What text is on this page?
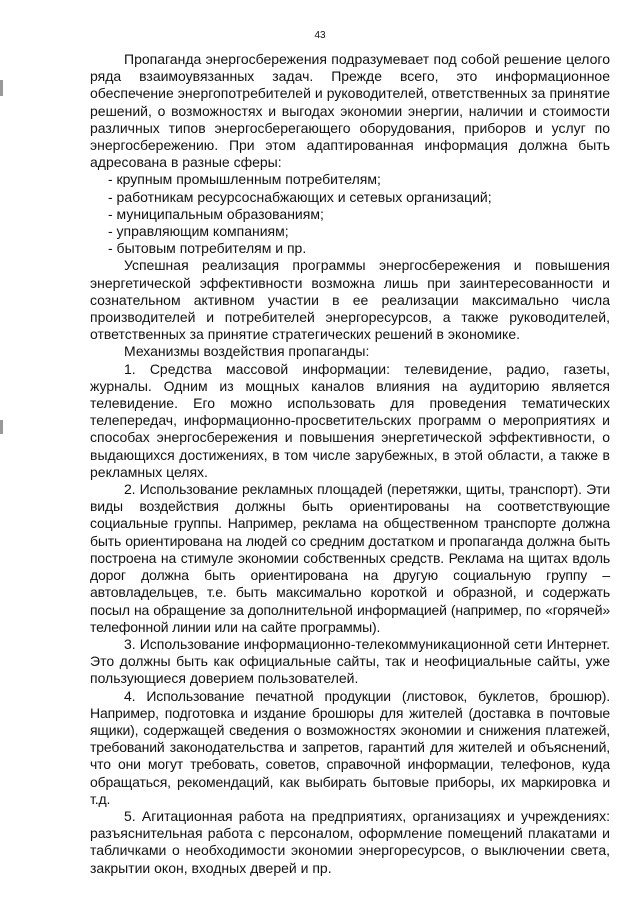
43

Пропаганда энергосбережения подразумевает под собой решение целого ряда взаимоувязанных задач. Прежде всего, это информационное обеспечение энергопотребителей и руководителей, ответственных за принятие решений, о возможностях и выгодах экономии энергии, наличии и стоимости различных типов энергосберегающего оборудования, приборов и услуг по энергосбережению. При этом адаптированная информация должна быть адресована в разные сферы:

- крупным промышленным потребителям;
- работникам ресурсоснабжающих и сетевых организаций;
- муниципальным образованиям;
- управляющим компаниям;
- бытовым потребителям и пр.

Успешная реализация программы энергосбережения и повышения энергетической эффективности возможна лишь при заинтересованности и сознательном активном участии в ее реализации максимально числа производителей и потребителей энергоресурсов, а также руководителей, ответственных за принятие стратегических решений в экономике.

Механизмы воздействия пропаганды:

1. Средства массовой информации: телевидение, радио, газеты, журналы. Одним из мощных каналов влияния на аудиторию является телевидение. Его можно использовать для проведения тематических телепередач, информационно-просветительских программ о мероприятиях и способах энергосбережения и повышения энергетической эффективности, о выдающихся достижениях, в том числе зарубежных, в этой области, а также в рекламных целях.

2. Использование рекламных площадей (перетяжки, щиты, транспорт). Эти виды воздействия должны быть ориентированы на соответствующие социальные группы. Например, реклама на общественном транспорте должна быть ориентирована на людей со средним достатком и пропаганда должна быть построена на стимуле экономии собственных средств. Реклама на щитах вдоль дорог должна быть ориентирована на другую социальную группу – автовладельцев, т.е. быть максимально короткой и образной, и содержать посыл на обращение за дополнительной информацией (например, по «горячей» телефонной линии или на сайте программы).

3. Использование информационно-телекоммуникационной сети Интернет. Это должны быть как официальные сайты, так и неофициальные сайты, уже пользующиеся доверием пользователей.

4. Использование печатной продукции (листовок, буклетов, брошюр). Например, подготовка и издание брошюры для жителей (доставка в почтовые ящики), содержащей сведения о возможностях экономии и снижения платежей, требований законодательства и запретов, гарантий для жителей и объяснений, что они могут требовать, советов, справочной информации, телефонов, куда обращаться, рекомендаций, как выбирать бытовые приборы, их маркировка и т.д.

5. Агитационная работа на предприятиях, организациях и учреждениях: разъяснительная работа с персоналом, оформление помещений плакатами и табличками о необходимости экономии энергоресурсов, о выключении света, закрытии окон, входных дверей и пр.
